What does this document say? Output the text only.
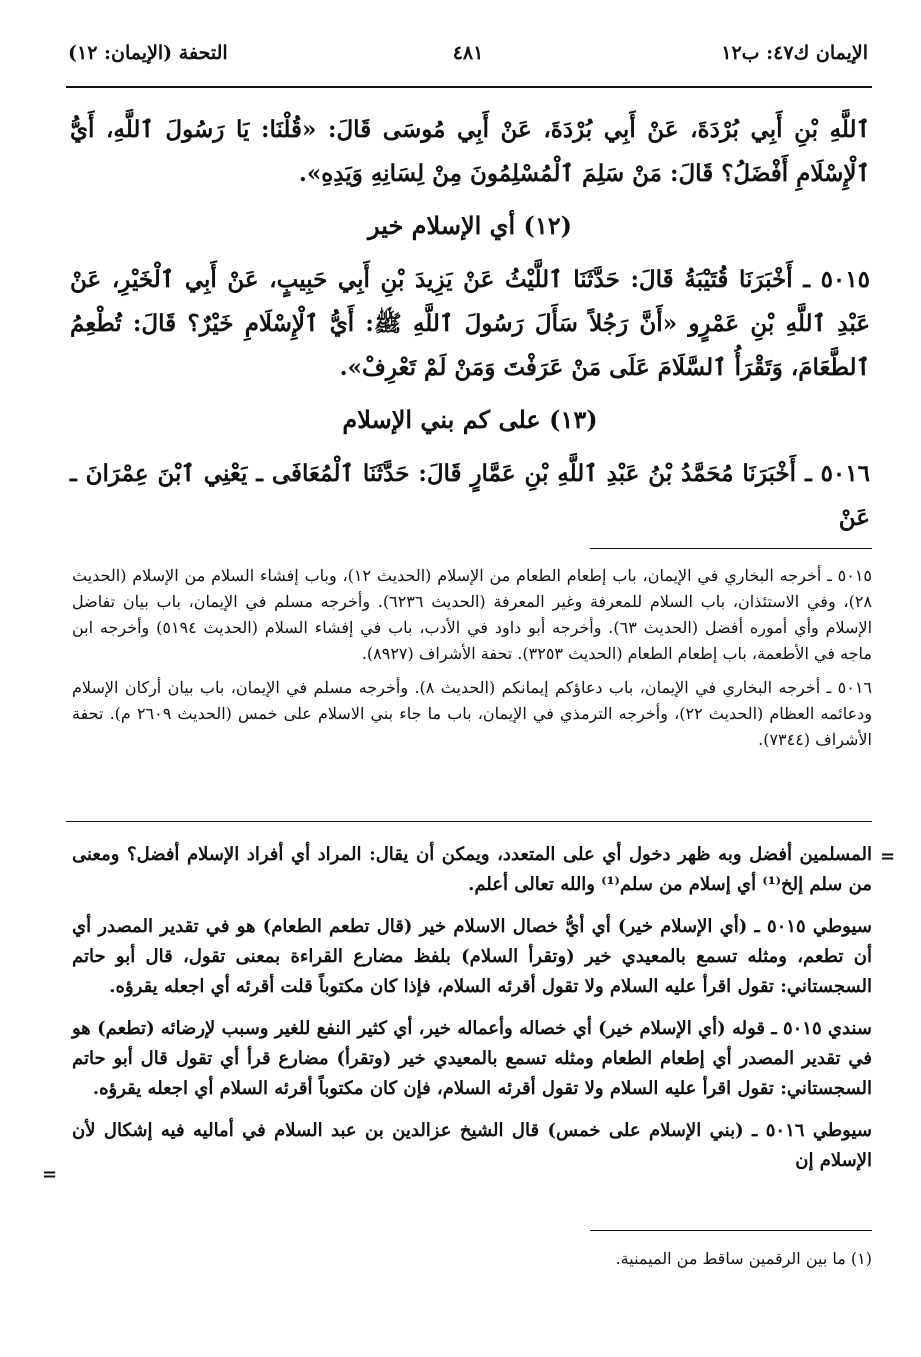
الإيمان ك٤٧: ب١٢
٤٨١
التحفة (الإيمان: ١٢)

ٱللَّهِ بْنِ أَبِي بُرْدَةَ، عَنْ أَبِي بُرْدَةَ، عَنْ أَبِي مُوسَى قَالَ: «قُلْنَا: يَا رَسُولَ ٱللَّهِ، أَيُّ ٱلْإِسْلَامِ أَفْضَلُ؟ قَالَ: مَنْ سَلِمَ ٱلْمُسْلِمُونَ مِنْ لِسَانِهِ وَيَدِهِ».

(١٢) أي الإسلام خير

٥٠١٥ ـ أَخْبَرَنَا قُتَيْبَةُ قَالَ: حَدَّثَنَا ٱللَّيْثُ عَنْ يَزِيدَ بْنِ أَبِي حَبِيبٍ، عَنْ أَبِي ٱلْخَيْرِ، عَنْ عَبْدِ ٱللَّهِ بْنِ عَمْرٍو «أَنَّ رَجُلاً سَأَلَ رَسُولَ ٱللَّهِ ﷺ: أَيُّ ٱلْإِسْلَامِ خَيْرٌ؟ قَالَ: تُطْعِمُ ٱلطَّعَامَ، وَتَقْرَأُ ٱلسَّلَامَ عَلَى مَنْ عَرَفْتَ وَمَنْ لَمْ تَعْرِفْ».

(١٣) على كم بني الإسلام

٥٠١٦ ـ أَخْبَرَنَا مُحَمَّدُ بْنُ عَبْدِ ٱللَّهِ بْنِ عَمَّارٍ قَالَ: حَدَّثَنَا ٱلْمُعَافَى ـ يَعْنِي ٱبْنَ عِمْرَانَ ـ عَنْ

٥٠١٥ ـ أخرجه البخاري في الإيمان، باب إطعام الطعام من الإسلام (الحديث ١٢)، وباب إفشاء السلام من الإسلام (الحديث ٢٨)، وفي الاستئذان، باب السلام للمعرفة وغير المعرفة (الحديث ٦٢٣٦). وأخرجه مسلم في الإيمان، باب بيان تفاضل الإسلام وأي أموره أفضل (الحديث ٦٣). وأخرجه أبو داود في الأدب، باب في إفشاء السلام (الحديث ٥١٩٤) وأخرجه ابن ماجه في الأطعمة، باب إطعام الطعام (الحديث ٣٢٥٣). تحفة الأشراف (٨٩٢٧).

٥٠١٦ ـ أخرجه البخاري في الإيمان، باب دعاؤكم إيمانكم (الحديث ٨). وأخرجه مسلم في الإيمان، باب بيان أركان الإسلام ودعائمه العظام (الحديث ٢٢)، وأخرجه الترمذي في الإيمان، باب ما جاء بني الاسلام على خمس (الحديث ٢٦٠٩ م). تحفة الأشراف (٧٣٤٤).

=

المسلمين أفضل وبه ظهر دخول أي على المتعدد، ويمكن أن يقال: المراد أي أفراد الإسلام أفضل؟ ومعنى من سلم إلخ⁽¹⁾ أي إسلام من سلم⁽¹⁾ والله تعالى أعلم.

سيوطي ٥٠١٥ ـ (أي الإسلام خير) أي أيُّ خصال الاسلام خير (قال تطعم الطعام) هو في تقدير المصدر أي أن تطعم، ومثله تسمع بالمعيدي خير (وتقرأ السلام) بلفظ مضارع القراءة بمعنى تقول، قال أبو حاتم السجستاني: تقول اقرأ عليه السلام ولا تقول أقرئه السلام، فإذا كان مكتوباً قلت أقرئه أي اجعله يقرؤه.

سندي ٥٠١٥ ـ قوله (أي الإسلام خير) أي خصاله وأعماله خير، أي كثير النفع للغير وسبب لإرضائه (تطعم) هو في تقدير المصدر أي إطعام الطعام ومثله تسمع بالمعيدي خير (وتقرأ) مضارع قرأ أي تقول قال أبو حاتم السجستاني: تقول اقرأ عليه السلام ولا تقول أقرئه السلام، فإن كان مكتوباً أقرئه السلام أي اجعله يقرؤه.

سيوطي ٥٠١٦ ـ (بني الإسلام على خمس) قال الشيخ عزالدين بن عبد السلام في أماليه فيه إشكال لأن الإسلام إن

=
(١) ما بين الرقمين ساقط من الميمنية.
